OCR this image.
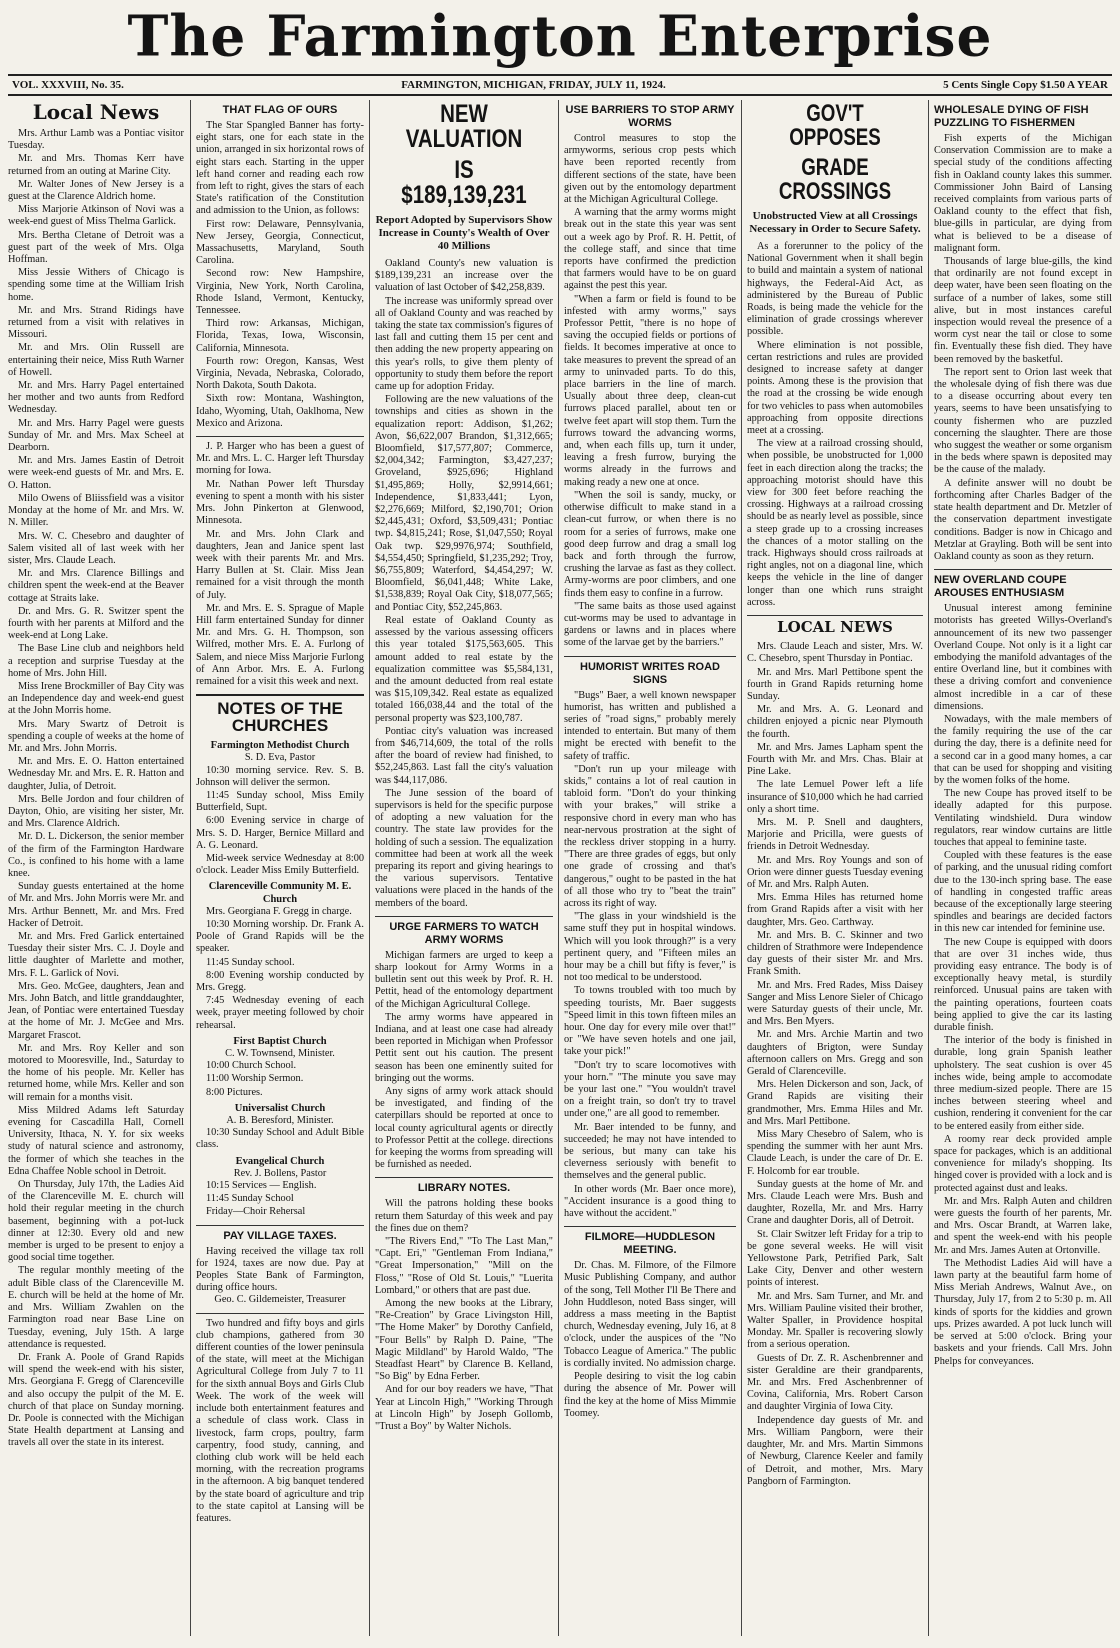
The Farmington Enterprise
VOL. XXXVIII, No. 35.	FARMINGTON, MICHIGAN, FRIDAY, JULY 11, 1924.	5 Cents Single Copy $1.50 A YEAR
Local News

Mrs. Arthur Lamb was a Pontiac visitor Tuesday.

Mr. and Mrs. Thomas Kerr have returned from an outing at Marine City.

Mr. Walter Jones of New Jersey is a guest at the Clarence Aldrich home.

Miss Marjorie Atkinson of Novi was a week-end guest of Miss Thelma Garlick.

Mrs. Bertha Cletane of Detroit was a guest part of the week of Mrs. Olga Hoffman.

Miss Jessie Withers of Chicago is spending some time at the William Irish home.

Mr. and Mrs. Strand Ridings have returned from a visit with relatives in Missouri.

Mr. and Mrs. Olin Russell are entertaining their neice, Miss Ruth Warner of Howell.

Mr. and Mrs. Harry Pagel entertained her mother and two aunts from Redford Wednesday.

Mr. and Mrs. Harry Pagel were guests Sunday of Mr. and Mrs. Max Scheel at Dearborn.

Mr. and Mrs. James Eastin of Detroit were week-end guests of Mr. and Mrs. E. O. Hatton.

Milo Owens of Bliissfield was a visitor Monday at the home of Mr. and Mrs. W. N. Miller.

Mrs. W. C. Chesebro and daughter of Salem visited all of last week with her sister, Mrs. Claude Leach.

Mr. and Mrs. Clarence Billings and children spent the week-end at the Beaver cottage at Straits lake.

Dr. and Mrs. G. R. Switzer spent the fourth with her parents at Milford and the week-end at Long Lake.

The Base Line club and neighbors held a reception and surprise Tuesday at the home of Mrs. John Hill.

Miss Irene Brockmiller of Bay City was an Independence day and week-end guest at the John Morris home.

Mrs. Mary Swartz of Detroit is spending a couple of weeks at the home of Mr. and Mrs. John Morris.

Mr. and Mrs. E. O. Hatton entertained Wednesday Mr. and Mrs. E. R. Hatton and daughter, Julia, of Detroit.

Mrs. Belle Jordon and four children of Dayton, Ohio, are visiting her sister, Mr. and Mrs. Clarence Aldrich.

Mr. D. L. Dickerson, the senior member of the firm of the Farmington Hardware Co., is confined to his home with a lame knee.

Sunday guests entertained at the home of Mr. and Mrs. John Morris were Mr. and Mrs. Arthur Bennett, Mr. and Mrs. Fred Hacker of Detroit.

Mr. and Mrs. Fred Garlick entertained Tuesday their sister Mrs. C. J. Doyle and little daughter of Marlette and mother, Mrs. F. L. Garlick of Novi.

Mrs. Geo. McGee, daughters, Jean and Mrs. John Batch, and little granddaughter, Jean, of Pontiac were entertained Tuesday at the home of Mr. J. McGee and Mrs. Margaret Frascot.

Mr. and Mrs. Roy Keller and son motored to Mooresville, Ind., Saturday to the home of his people. Mr. Keller has returned home, while Mrs. Keller and son will remain for a months visit.

Miss Mildred Adams left Saturday evening for Cascadilla Hall, Cornell University, Ithaca, N. Y. for six weeks study of natural science and astronomy, the former of which she teaches in the Edna Chaffee Noble school in Detroit.

On Thursday, July 17th, the Ladies Aid of the Clarenceville M. E. church will hold their regular meeting in the church basement, beginning with a pot-luck dinner at 12:30. Every old and new member is urged to be present to enjoy a good social time together.

The regular monthly meeting of the adult Bible class of the Clarenceville M. E. church will be held at the home of Mr. and Mrs. William Zwahlen on the Farmington road near Base Line on Tuesday, evening, July 15th. A large attendance is requested.

Dr. Frank A. Poole of Grand Rapids will spend the week-end with his sister, Mrs. Georgiana F. Gregg of Clarenceville and also occupy the pulpit of the M. E. church of that place on Sunday morning. Dr. Poole is connected with the Michigan State Health department at Lansing and travels all over the state in its interest.

THAT FLAG OF OURS

The Star Spangled Banner has forty-eight stars, one for each state in the union, arranged in six horizontal rows of eight stars each. Starting in the upper left hand corner and reading each row from left to right, gives the stars of each State's ratification of the Constitution and admission to the Union, as follows:

First row: Delaware, Pennsylvania, New Jersey, Georgia, Connecticut, Massachusetts, Maryland, South Carolina.

Second row: New Hampshire, Virginia, New York, North Carolina, Rhode Island, Vermont, Kentucky, Tennessee.

Third row: Arkansas, Michigan, Florida, Texas, Iowa, Wisconsin, California, Minnesota.

Fourth row: Oregon, Kansas, West Virginia, Nevada, Nebraska, Colorado, North Dakota, South Dakota.

Sixth row: Montana, Washington, Idaho, Wyoming, Utah, Oaklhoma, New Mexico and Arizona.

J. P. Harger who has been a guest of Mr. and Mrs. L. C. Harger left Thursday morning for Iowa.

Mr. Nathan Power left Thursday evening to spent a month with his sister Mrs. John Pinkerton at Glenwood, Minnesota.

Mr. and Mrs. John Clark and daughters, Jean and Janice spent last week with their parents Mr. and Mrs. Harry Bullen at St. Clair. Miss Jean remained for a visit through the month of July.

Mr. and Mrs. E. S. Sprague of Maple Hill farm entertained Sunday for dinner Mr. and Mrs. G. H. Thompson, son Wilfred, mother Mrs. E. A. Furlong of Salem, and niece Miss Marjorie Furlong of Ann Arbor. Mrs. E. A. Furlong remained for a visit this week and next.

NOTES OF THE CHURCHES
Farmington Methodist Church
S. D. Eva, Pastor

10:30 morning service. Rev. S. B. Johnson will deliver the sermon.

11:45 Sunday school, Miss Emily Butterfield, Supt.

6:00 Evening service in charge of Mrs. S. D. Harger, Bernice Millard and A. G. Leonard.

Mid-week service Wednesday at 8:00 o'clock. Leader Miss Emily Butterfield.

Clarenceville Community M. E. Church

Mrs. Georgiana F. Gregg in charge.

10:30 Morning worship. Dr. Frank A. Poole of Grand Rapids will be the speaker.

11:45 Sunday school.

8:00 Evening worship conducted by Mrs. Gregg.

7:45 Wednesday evening of each week, prayer meeting followed by choir rehearsal.

First Baptist Church
C. W. Townsend, Minister.

10:00 Church School.

11:00 Worship Sermon.

8:00 Pictures.

Universalist Church
A. B. Beresford, Minister.

10:30 Sunday School and Adult Bible class.

Evangelical Church
Rev. J. Bollens, Pastor

10:15 Services — English.

11:45 Sunday School

Friday—Choir Rehersal

PAY VILLAGE TAXES.

Having received the village tax roll for 1924, taxes are now due. Pay at Peoples State Bank of Farmington, during office hours.

Geo. C. Gildemeister, Treasurer

Two hundred and fifty boys and girls club champions, gathered from 30 different counties of the lower peninsula of the state, will meet at the Michigan Agricultural College from July 7 to 11 for the sixth annual Boys and Girls Club Week. The work of the week will include both entertainment features and a schedule of class work. Class in livestock, farm crops, poultry, farm carpentry, food study, canning, and clothing club work will be held each morning, with the recreation programs in the afternoon. A big banquet tendered by the state board of agriculture and trip to the state capitol at Lansing will be features.

NEW VALUATION
IS $189,139,231
Report Adopted by Supervisors Show Increase in County's Wealth of Over 40 Millions

Oakland County's new valuation is $189,139,231 an increase over the valuation of last October of $42,258,839.

The increase was uniformly spread over all of Oakland County and was reached by taking the state tax commission's figures of last fall and cutting them 15 per cent and then adding the new property appearing on this year's rolls, to give them plenty of opportunity to study them before the report came up for adoption Friday.

Following are the new valuations of the townships and cities as shown in the equalization report: Addison, $1,262; Avon, $6,622,007 Brandon, $1,312,665; Bloomfield, $17,577,807; Commerce, $2,004,342; Farmington, $3,427,237; Groveland, $925,696; Highland $1,495,869; Holly, $2,9914,661; Independence, $1,833,441; Lyon, $2,276,669; Milford, $2,190,701; Orion $2,445,431; Oxford, $3,509,431; Pontiac twp. $4,815,241; Rose, $1,047,550; Royal Oak twp. $29,9976,974; Southfield, $4,554,450; Springfield, $1,235,292; Troy, $6,755,809; Waterford, $4,454,297; W. Bloomfield, $6,041,448; White Lake, $1,538,839; Royal Oak City, $18,077,565; and Pontiac City, $52,245,863.

Real estate of Oakland County as assessed by the various assessing officers this year totaled $175,563,605. This amount added to real estate by the equalization committee was $5,584,131, and the amount deducted from real estate was $15,109,342. Real estate as equalized totaled 166,038,44 and the total of the personal property was $23,100,787.

Pontiac city's valuation was increased from $46,714,609, the total of the rolls after the board of review had finished, to $52,245,863. Last fall the city's valuation was $44,117,086.

The June session of the board of supervisors is held for the specific purpose of adopting a new valuation for the country. The state law provides for the holding of such a session. The equalization committee had been at work all the week preparing its report and giving hearings to the various supervisors. Tentative valuations were placed in the hands of the members of the board.

URGE FARMERS TO WATCH ARMY WORMS

Michigan farmers are urged to keep a sharp lookout for Army Worms in a bulletin sent out this week by Prof. R. H. Pettit, head of the entomology department of the Michigan Agricultural College.

The army worms have appeared in Indiana, and at least one case had already been reported in Michigan when Professor Pettit sent out his caution. The present season has been one eminently suited for bringing out the worms.

Any signs of army work attack should be investigated, and finding of the caterpillars should be reported at once to local county agricultural agents or directly to Professor Pettit at the college. directions for keeping the worms from spreading will be furnished as needed.

LIBRARY NOTES.

Will the patrons holding these books return them Saturday of this week and pay the fines due on them?

"The Rivers End," "To The Last Man," "Capt. Eri," "Gentleman From Indiana," "Great Impersonation," "Mill on the Floss," "Rose of Old St. Louis," "Luerita Lombard," or others that are past due.

Among the new books at the Library, "Re-Creation" by Grace Livingston Hill, "The Home Maker" by Dorothy Canfield, "Four Bells" by Ralph D. Paine, "The Magic Mildland" by Harold Waldo, "The Steadfast Heart" by Clarence B. Kelland, "So Big" by Edna Ferber.

And for our boy readers we have, "That Year at Lincoln High," "Working Through at Lincoln High" by Joseph Gollomb, "Trust a Boy" by Walter Nichols.

USE BARRIERS TO STOP ARMY WORMS

Control measures to stop the armyworms, serious crop pests which have been reported recently from different sections of the state, have been given out by the entomology department at the Michigan Agricultural College.

A warning that the army worms might break out in the state this year was sent out a week ago by Prof. R. H. Pettit, of the college staff, and since that time reports have confirmed the prediction that farmers would have to be on guard against the pest this year.

"When a farm or field is found to be infested with army worms," says Professor Pettit, "there is no hope of saving the occupied fields or portions of fields. It becomes imperative at once to take measures to prevent the spread of an army to uninvaded parts. To do this, place barriers in the line of march. Usually about three deep, clean-cut furrows placed parallel, about ten or twelve feet apart will stop them. Turn the furrows toward the advancing worms, and, when each fills up, turn it under, leaving a fresh furrow, burying the worms already in the furrows and making ready a new one at once.

"When the soil is sandy, mucky, or otherwise difficult to make stand in a clean-cut furrow, or when there is no room for a series of furrows, make one good deep furrow and drag a small log back and forth through the furrow, crushing the larvae as fast as they collect. Army-worms are poor climbers, and one finds them easy to confine in a furrow.

"The same baits as those used against cut-worms may be used to advantage in gardens or lawns and in places where some of the larvae get by the barriers."

HUMORIST WRITES ROAD SIGNS

"Bugs" Baer, a well known newspaper humorist, has written and published a series of "road signs," probably merely intended to entertain. But many of them might be erected with benefit to the safety of traffic.

"Don't run up your mileage with skids," contains a lot of real caution in tabloid form. "Don't do your thinking with your brakes," will strike a responsive chord in every man who has near-nervous prostration at the sight of the reckless driver stopping in a hurry. "There are three grades of eggs, but only one grade of crossing and that's dangerous," ought to be pasted in the hat of all those who try to "beat the train" across its right of way.

"The glass in your windshield is the same stuff they put in hospital windows. Which will you look through?" is a very pertinent query, and "Fifteen miles an hour may be a chill but fifty is fever," is not too medical to be understood.

To towns troubled with too much by speeding tourists, Mr. Baer suggests "Speed limit in this town fifteen miles an hour. One day for every mile over that!" or "We have seven hotels and one jail, take your pick!"

"Don't try to scare locomotives with your horn." "The minute you save may be your last one." "You wouldn't travel on a freight train, so don't try to travel under one," are all good to remember.

Mr. Baer intended to be funny, and succeeded; he may not have intended to be serious, but many can take his cleverness seriously with benefit to themselves and the general public.

In other words (Mr. Baer once more), "Accident insurance is a good thing to have without the accident."

FILMORE—HUDDLESON MEETING.

Dr. Chas. M. Filmore, of the Filmore Music Publishing Company, and author of the song, Tell Mother I'll Be There and John Huddleson, noted Bass singer, will address a mass meeting in the Baptist church, Wednesday evening, July 16, at 8 o'clock, under the auspices of the "No Tobacco League of America." The public is cordially invited. No admission charge.

People desiring to visit the log cabin during the absence of Mr. Power will find the key at the home of Miss Mimmie Toomey.

GOV'T OPPOSES
GRADE CROSSINGS
Unobstructed View at all Crossings Necessary in Order to Secure Safety.

As a forerunner to the policy of the National Government when it shall begin to build and maintain a system of national highways, the Federal-Aid Act, as administered by the Bureau of Public Roads, is being made the vehicle for the elimination of grade crossings wherever possible.

Where elimination is not possible, certan restrictions and rules are provided designed to increase safety at danger points. Among these is the provision that the road at the crossing be wide enough for two vehicles to pass when automobiles approaching from opposite directions meet at a crossing.

The view at a railroad crossing should, when possible, be unobstructed for 1,000 feet in each direction along the tracks; the approaching motorist should have this view for 300 feet before reaching the crossing. Highways at a railroad crossing should be as nearly level as possible, since a steep grade up to a crossing increases the chances of a motor stalling on the track. Highways should cross railroads at right angles, not on a diagonal line, which keeps the vehicle in the line of danger longer than one which runs straight across.

LOCAL NEWS

Mrs. Claude Leach and sister, Mrs. W. C. Chesebro, spent Thursday in Pontiac.

Mr. and Mrs. Marl Pettibone spent the fourth in Grand Rapids returning home Sunday.

Mr. and Mrs. A. G. Leonard and children enjoyed a picnic near Plymouth the fourth.

Mr. and Mrs. James Lapham spent the Fourth with Mr. and Mrs. Chas. Blair at Pine Lake.

The late Lemuel Power left a life insurance of $10,000 which he had carried only a short time.

Mrs. M. P. Snell and daughters, Marjorie and Pricilla, were guests of friends in Detroit Wednesday.

Mr. and Mrs. Roy Youngs and son of Orion were dinner guests Tuesday evening of Mr. and Mrs. Ralph Auten.

Mrs. Emma Hiles has returned home from Grand Rapids after a visit with her daughter, Mrs. Geo. Carthway.

Mr. and Mrs. B. C. Skinner and two children of Strathmore were Independence day guests of their sister Mr. and Mrs. Frank Smith.

Mr. and Mrs. Fred Rades, Miss Daisey Sanger and Miss Lenore Sieler of Chicago were Saturday guests of their uncle, Mr. and Mrs. Ben Myers.

Mr. and Mrs. Archie Martin and two daughters of Brigton, were Sunday afternoon callers on Mrs. Gregg and son Gerald of Clarenceville.

Mrs. Helen Dickerson and son, Jack, of Grand Rapids are visiting their grandmother, Mrs. Emma Hiles and Mr. and Mrs. Marl Pettibone.

Miss Mary Chesebro of Salem, who is spending the summer with her aunt Mrs. Claude Leach, is under the care of Dr. E. F. Holcomb for ear trouble.

Sunday guests at the home of Mr. and Mrs. Claude Leach were Mrs. Bush and daughter, Rozella, Mr. and Mrs. Harry Crane and daughter Doris, all of Detroit.

St. Clair Switzer left Friday for a trip to be gone several weeks. He will visit Yellowstone Park, Petrified Park, Salt Lake City, Denver and other western points of interest.

Mr. and Mrs. Sam Turner, and Mr. and Mrs. William Pauline visited their brother, Walter Spaller, in Providence hospital Monday. Mr. Spaller is recovering slowly from a serious operation.

Guests of Dr. Z. R. Aschenbrenner and sister Geraldine are their grandparents, Mr. and Mrs. Fred Aschenbrenner of Covina, California, Mrs. Robert Carson and daughter Virginia of Iowa City.

Independence day guests of Mr. and Mrs. William Pangborn, were their daughter, Mr. and Mrs. Martin Simmons of Newburg, Clarence Keeler and family of Detroit, and mother, Mrs. Mary Pangborn of Farmington.

WHOLESALE DYING OF FISH PUZZLING TO FISHERMEN

Fish experts of the Michigan Conservation Commission are to make a special study of the conditions affecting fish in Oakland county lakes this summer. Commissioner John Baird of Lansing received complaints from various parts of Oakland county to the effect that fish, blue-gills in particular, are dying from what is believed to be a disease of malignant form.

Thousands of large blue-gills, the kind that ordinarily are not found except in deep water, have been seen floating on the surface of a number of lakes, some still alive, but in most instances careful inspection would reveal the presence of a worm cyst near the tail or close to some fin. Eventually these fish died. They have been removed by the basketful.

The report sent to Orion last week that the wholesale dying of fish there was due to a disease occurring about every ten years, seems to have been unsatisfying to county fishermen who are puzzled concerning the slaughter. There are those who suggest the weather or some organism in the beds where spawn is deposited may be the cause of the malady.

A definite answer will no doubt be forthcoming after Charles Badger of the state health department and Dr. Metzler of the conservation department investigate conditions. Badger is now in Chicago and Metzlar at Grayling. Both will be sent into Oakland county as soon as they return.

NEW OVERLAND COUPE AROUSES ENTHUSIASM

Unusual interest among feminine motorists has greeted Willys-Overland's announcement of its new two passenger Overland Coupe. Not only is it a light car embodying the manifold advantages of the entire Overland line, but it combines with these a driving comfort and convenience almost incredible in a car of these dimensions.

Nowadays, with the male members of the family requiring the use of the car during the day, there is a definite need for a second car in a good many homes, a car that can be used for shopping and visiting by the women folks of the home.

The new Coupe has proved itself to be ideally adapted for this purpose. Ventilating windshield. Dura window regulators, rear window curtains are little touches that appeal to feminine taste.

Coupled with these features is the ease of parking, and the unusual riding comfort due to the 130-inch spring base. The ease of handling in congested traffic areas because of the exceptionally large steering spindles and bearings are decided factors in this new car intended for feminine use.

The new Coupe is equipped with doors that are over 31 inches wide, thus providing easy entrance. The body is of exceptionally heavy metal, is sturdily reinforced. Unusual pains are taken with the painting operations, fourteen coats being applied to give the car its lasting durable finish.

The interior of the body is finished in durable, long grain Spanish leather upholstery. The seat cushion is over 45 inches wide, being ample to accomodate three medium-sized people. There are 15 inches between steering wheel and cushion, rendering it convenient for the car to be entered easily from either side.

A roomy rear deck provided ample space for packages, which is an additional convenience for milady's shopping. Its hinged cover is provided with a lock and is protected against dust and leaks.

Mr. and Mrs. Ralph Auten and children were guests the fourth of her parents, Mr. and Mrs. Oscar Brandt, at Warren lake, and spent the week-end with his people Mr. and Mrs. James Auten at Ortonville.

The Methodist Ladies Aid will have a lawn party at the beautiful farm home of Miss Meriah Andrews, Walnut Ave., on Thursday, July 17, from 2 to 5:30 p. m. All kinds of sports for the kiddies and grown ups. Prizes awarded. A pot luck lunch will be served at 5:00 o'clock. Bring your baskets and your friends. Call Mrs. John Phelps for conveyances.
